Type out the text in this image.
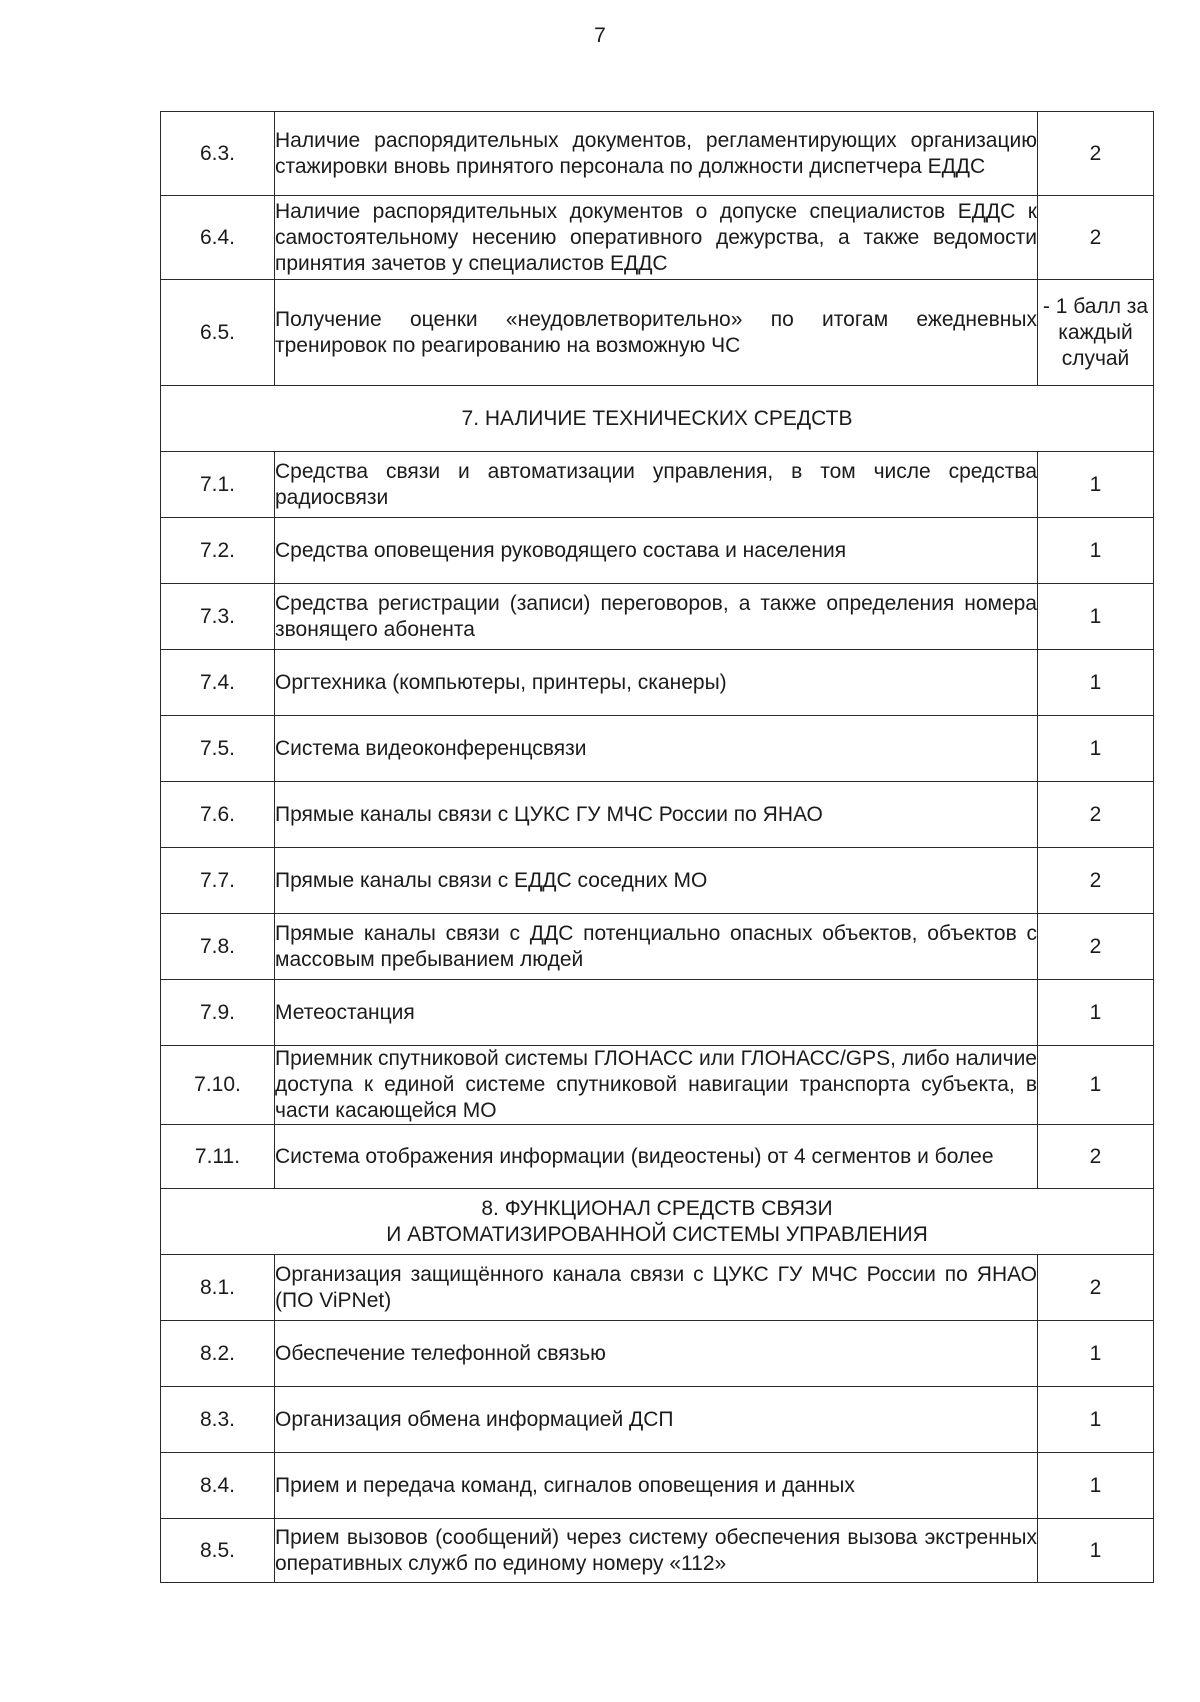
7
6.3.	Наличие распорядительных документов, регламентирующих организацию стажировки вновь принятого персонала по должности диспетчера ЕДДС	2
6.4.	Наличие распорядительных документов о допуске специалистов ЕДДС к самостоятельному несению оперативного дежурства, а также ведомости принятия зачетов у специалистов ЕДДС	2
6.5.	Получение оценки «неудовлетворительно» по итогам ежедневных тренировок по реагированию на возможную ЧС	- 1 балл за каждый случай
7. НАЛИЧИЕ ТЕХНИЧЕСКИХ СРЕДСТВ		
7.1.	Средства связи и автоматизации управления, в том числе средства радиосвязи	1
7.2.	Средства оповещения руководящего состава и населения	1
7.3.	Средства регистрации (записи) переговоров, а также определения номера звонящего абонента	1
7.4.	Оргтехника (компьютеры, принтеры, сканеры)	1
7.5.	Система видеоконференцсвязи	1
7.6.	Прямые каналы связи с ЦУКС ГУ МЧС России по ЯНАО	2
7.7.	Прямые каналы связи с ЕДДС соседних МО	2
7.8.	Прямые каналы связи с ДДС потенциально опасных объектов, объектов с массовым пребыванием людей	2
7.9.	Метеостанция	1
7.10.	Приемник спутниковой системы ГЛОНАСС или ГЛОНАСС/GPS, либо наличие доступа к единой системе спутниковой навигации транспорта субъекта, в части касающейся МО	1
7.11.	Система отображения информации (видеостены) от 4 сегментов и более	2

8. ФУНКЦИОНАЛ СРЕДСТВ СВЯЗИ
И АВТОМАТИЗИРОВАННОЙ СИСТЕМЫ УПРАВЛЕНИЯ		

8.1.	Организация защищённого канала связи с ЦУКС ГУ МЧС России по ЯНАО (ПО ViPNet)	2
8.2.	Обеспечение телефонной связью	1
8.3.	Организация обмена информацией ДСП	1
8.4.	Прием и передача команд, сигналов оповещения и данных	1
8.5.	Прием вызовов (сообщений) через систему обеспечения вызова экстренных оперативных служб по единому номеру «112»	1
